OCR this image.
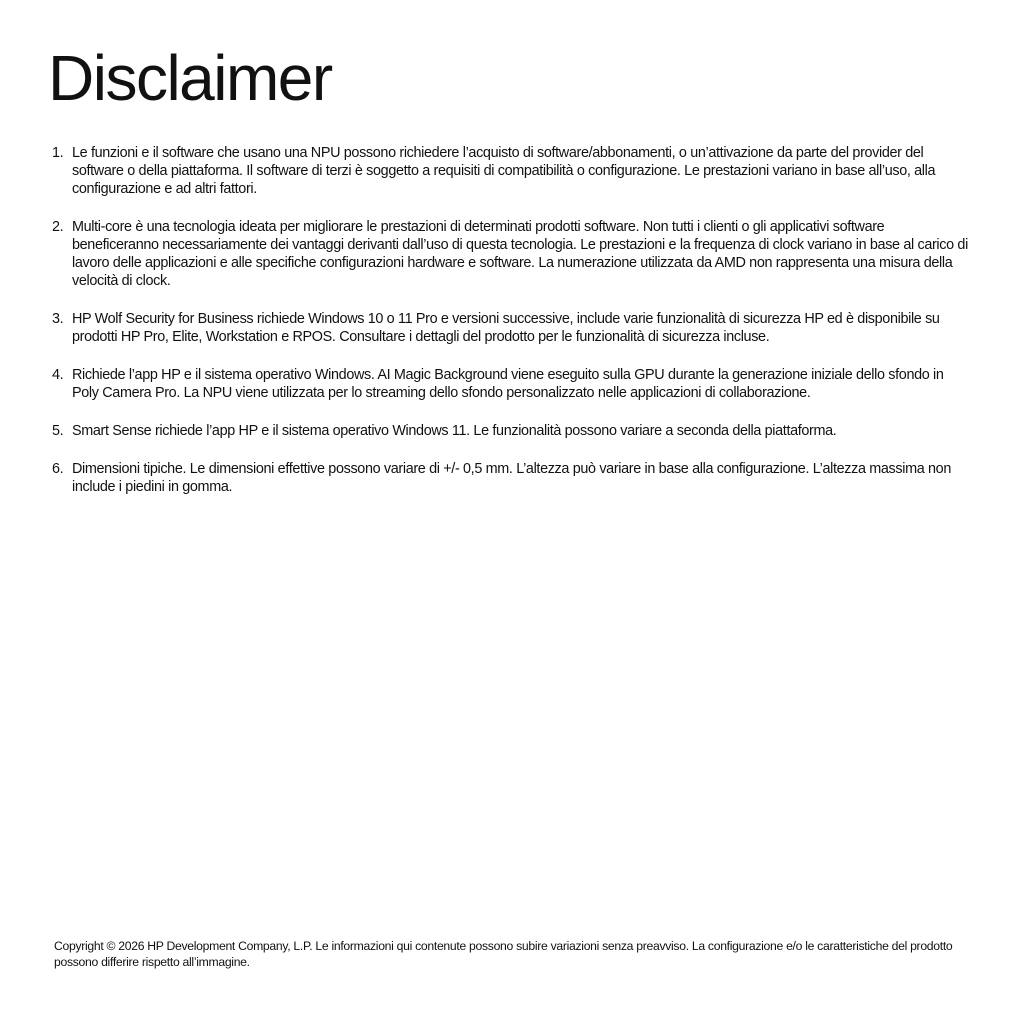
Disclaimer
1. Le funzioni e il software che usano una NPU possono richiedere l’acquisto di software/abbonamenti, o un’attivazione da parte del provider del software o della piattaforma. Il software di terzi è soggetto a requisiti di compatibilità o configurazione. Le prestazioni variano in base all’uso, alla configurazione e ad altri fattori.
2. Multi-core è una tecnologia ideata per migliorare le prestazioni di determinati prodotti software. Non tutti i clienti o gli applicativi software beneficeranno necessariamente dei vantaggi derivanti dall’uso di questa tecnologia. Le prestazioni e la frequenza di clock variano in base al carico di lavoro delle applicazioni e alle specifiche configurazioni hardware e software. La numerazione utilizzata da AMD non rappresenta una misura della velocità di clock.
3. HP Wolf Security for Business richiede Windows 10 o 11 Pro e versioni successive, include varie funzionalità di sicurezza HP ed è disponibile su prodotti HP Pro, Elite, Workstation e RPOS. Consultare i dettagli del prodotto per le funzionalità di sicurezza incluse.
4. Richiede l’app HP e il sistema operativo Windows. AI Magic Background viene eseguito sulla GPU durante la generazione iniziale dello sfondo in Poly Camera Pro. La NPU viene utilizzata per lo streaming dello sfondo personalizzato nelle applicazioni di collaborazione.
5. Smart Sense richiede l’app HP e il sistema operativo Windows 11. Le funzionalità possono variare a seconda della piattaforma.
6. Dimensioni tipiche. Le dimensioni effettive possono variare di +/- 0,5 mm. L’altezza può variare in base alla configurazione. L’altezza massima non include i piedini in gomma.

Copyright © 2026 HP Development Company, L.P. Le informazioni qui contenute possono subire variazioni senza preavviso. La configurazione e/o le caratteristiche del prodotto possono differire rispetto all’immagine.
